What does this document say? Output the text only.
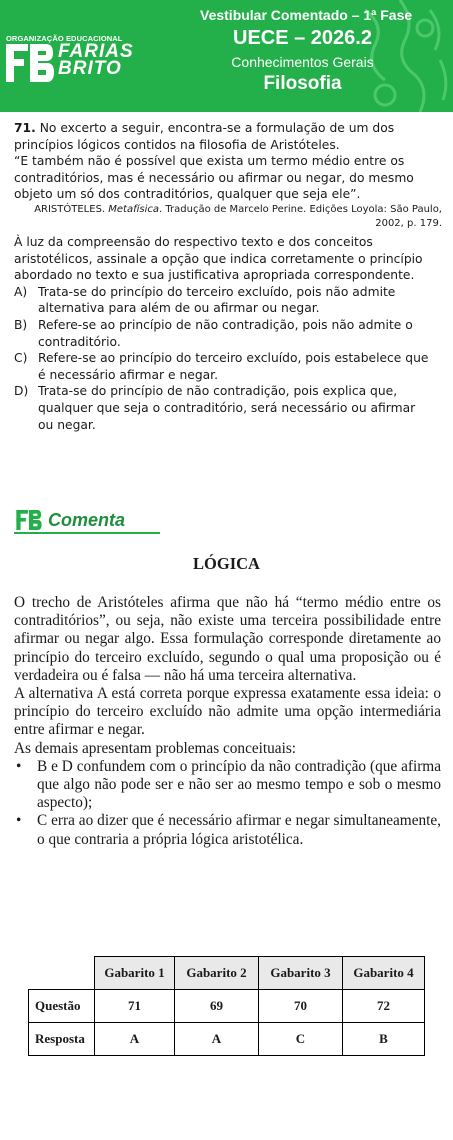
ORGANIZAÇÃO EDUCACIONAL
FARIAS
BRITO
Vestibular Comentado – 1ª Fase
UECE – 2026.2
Conhecimentos Gerais
Filosofia
71. No excerto a seguir, encontra-se a formulação de um dos
princípios lógicos contidos na filosofia de Aristóteles.
“E também não é possível que exista um termo médio entre os
contraditórios, mas é necessário ou afirmar ou negar, do mesmo
objeto um só dos contraditórios, qualquer que seja ele”.
ARISTÓTELES. Metafísica. Tradução de Marcelo Perine. Edições Loyola: São Paulo,
2002, p. 179.
À luz da compreensão do respectivo texto e dos conceitos
aristotélicos, assinale a opção que indica corretamente o princípio
abordado no texto e sua justificativa apropriada correspondente.
A) Trata-se do princípio do terceiro excluído, pois não admite
alternativa para além de ou afirmar ou negar.
B) Refere-se ao princípio de não contradição, pois não admite o
contraditório.
C) Refere-se ao princípio do terceiro excluído, pois estabelece que
é necessário afirmar e negar.
D) Trata-se do princípio de não contradição, pois explica que,
qualquer que seja o contraditório, será necessário ou afirmar
ou negar.
Comenta
LÓGICA

O trecho de Aristóteles afirma que não há “termo médio entre os contraditórios”, ou seja, não existe uma terceira possibilidade entre afirmar ou negar algo. Essa formulação corresponde diretamente ao princípio do terceiro excluído, segundo o qual uma proposição ou é verdadeira ou é falsa — não há uma terceira alternativa.

A alternativa A está correta porque expressa exatamente essa ideia: o princípio do terceiro excluído não admite uma opção intermediária entre afirmar e negar.

As demais apresentam problemas conceituais:

•	B e D confundem com o princípio da não contradição (que afirma que algo não pode ser e não ser ao mesmo tempo e sob o mesmo aspecto);
•	C erra ao dizer que é necessário afirmar e negar simultaneamente, o que contraria a própria lógica aristotélica.
	Gabarito 1	Gabarito 2	Gabarito 3	Gabarito 4
Questão	71	69	70	72
Resposta	A	A	C	B
